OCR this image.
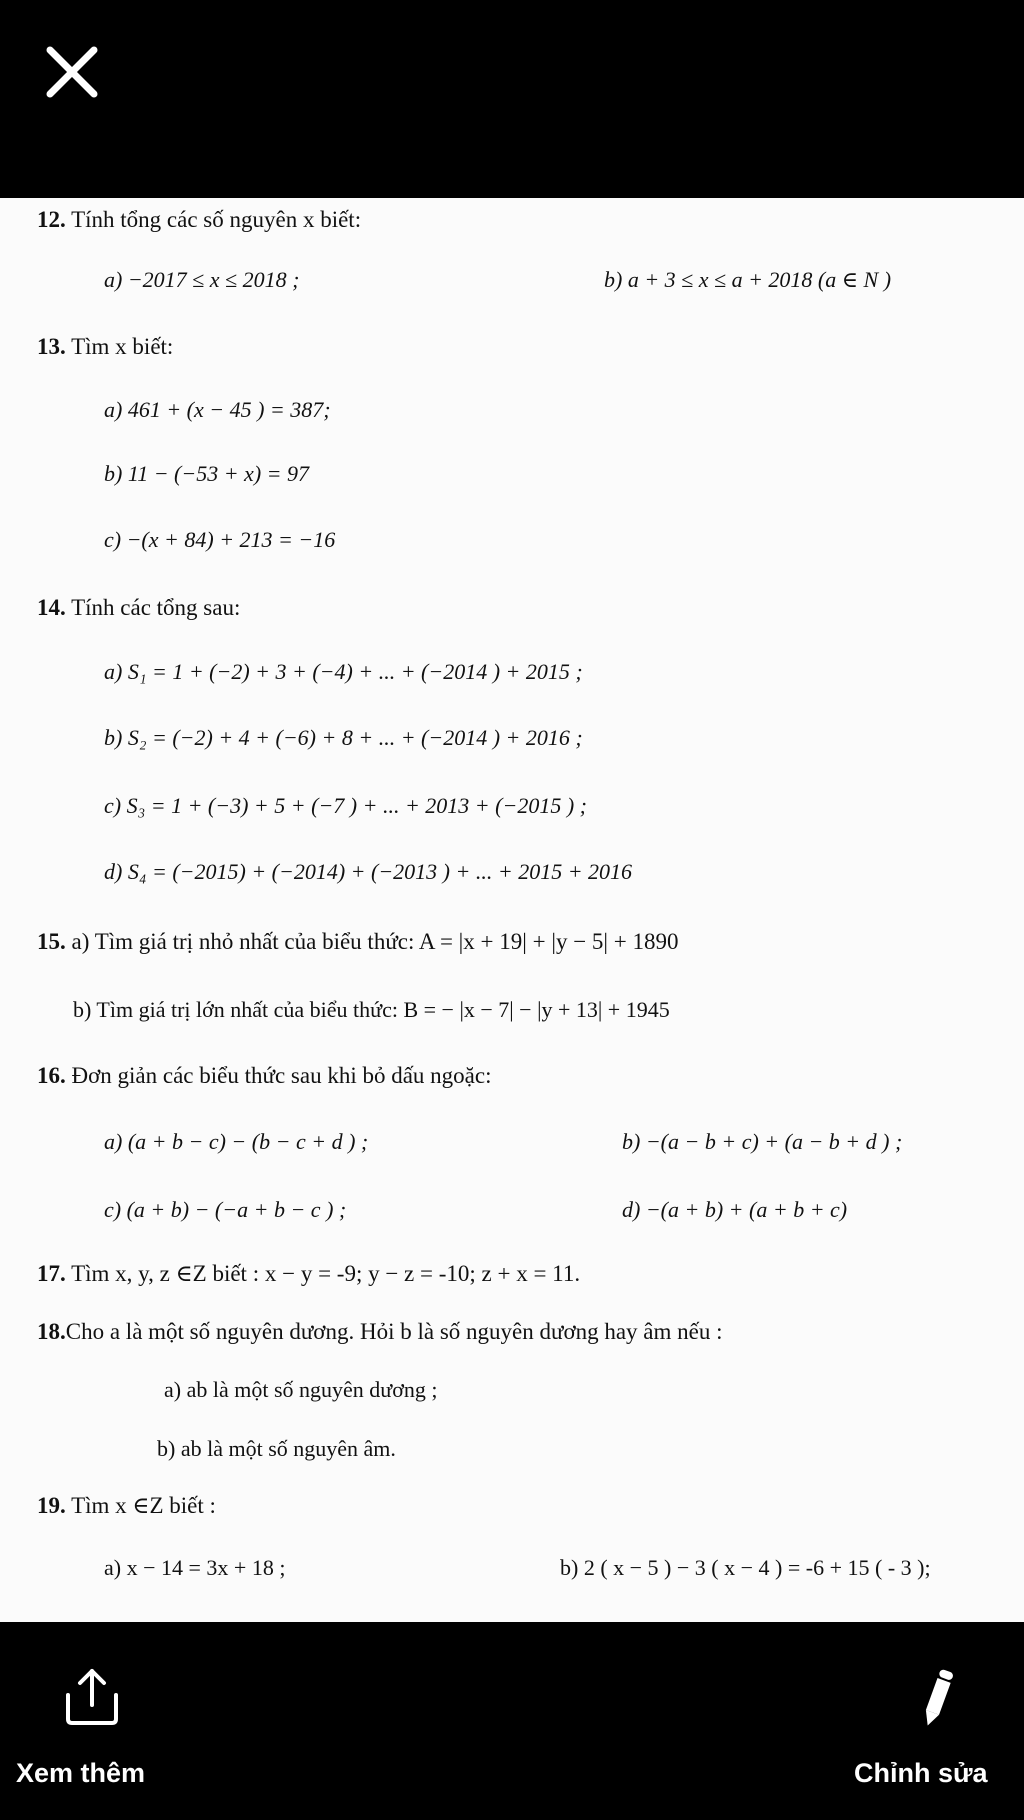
12. Tính tổng các số nguyên x biết:
a) −2017 ≤ x ≤ 2018 ;	b) a + 3 ≤ x ≤ a + 2018 (a ∈ N )
13. Tìm x biết:
a) 461 + (x − 45 ) = 387;
b) 11 − (−53 + x) = 97
c) −(x + 84) + 213 = −16
14. Tính các tổng sau:
a) S₁ = 1 + (−2) + 3 + (−4) + ... + (−2014 ) + 2015 ;
b) S₂ = (−2) + 4 + (−6) + 8 + ... + (−2014 ) + 2016 ;
c) S₃ = 1 + (−3) + 5 + (−7 ) + ... + 2013 + (−2015 ) ;
d) S₄ = (−2015) + (−2014) + (−2013 ) + ... + 2015 + 2016
15. a) Tìm giá trị nhỏ nhất của biểu thức: A = |x + 19| + |y − 5| + 1890
b) Tìm giá trị lớn nhất của biểu thức: B = − |x − 7| − |y + 13| + 1945
16. Đơn giản các biểu thức sau khi bỏ dấu ngoặc:
a) (a + b − c) − (b − c + d ) ;	b) −(a − b + c) + (a − b + d ) ;
c) (a + b) − (−a + b − c ) ;	d) −(a + b) + (a + b + c)
17. Tìm x, y, z ∈Z biết : x − y = -9; y − z = -10; z + x = 11.
18.Cho a là một số nguyên dương. Hỏi b là số nguyên dương hay âm nếu :
a) ab là một số nguyên dương ;
b) ab là một số nguyên âm.
19. Tìm x ∈Z biết :
a) x − 14 = 3x + 18 ;	b) 2 ( x − 5 ) − 3 ( x − 4 ) = -6 + 15 ( - 3 );
Xem thêm	Chỉnh sửa
